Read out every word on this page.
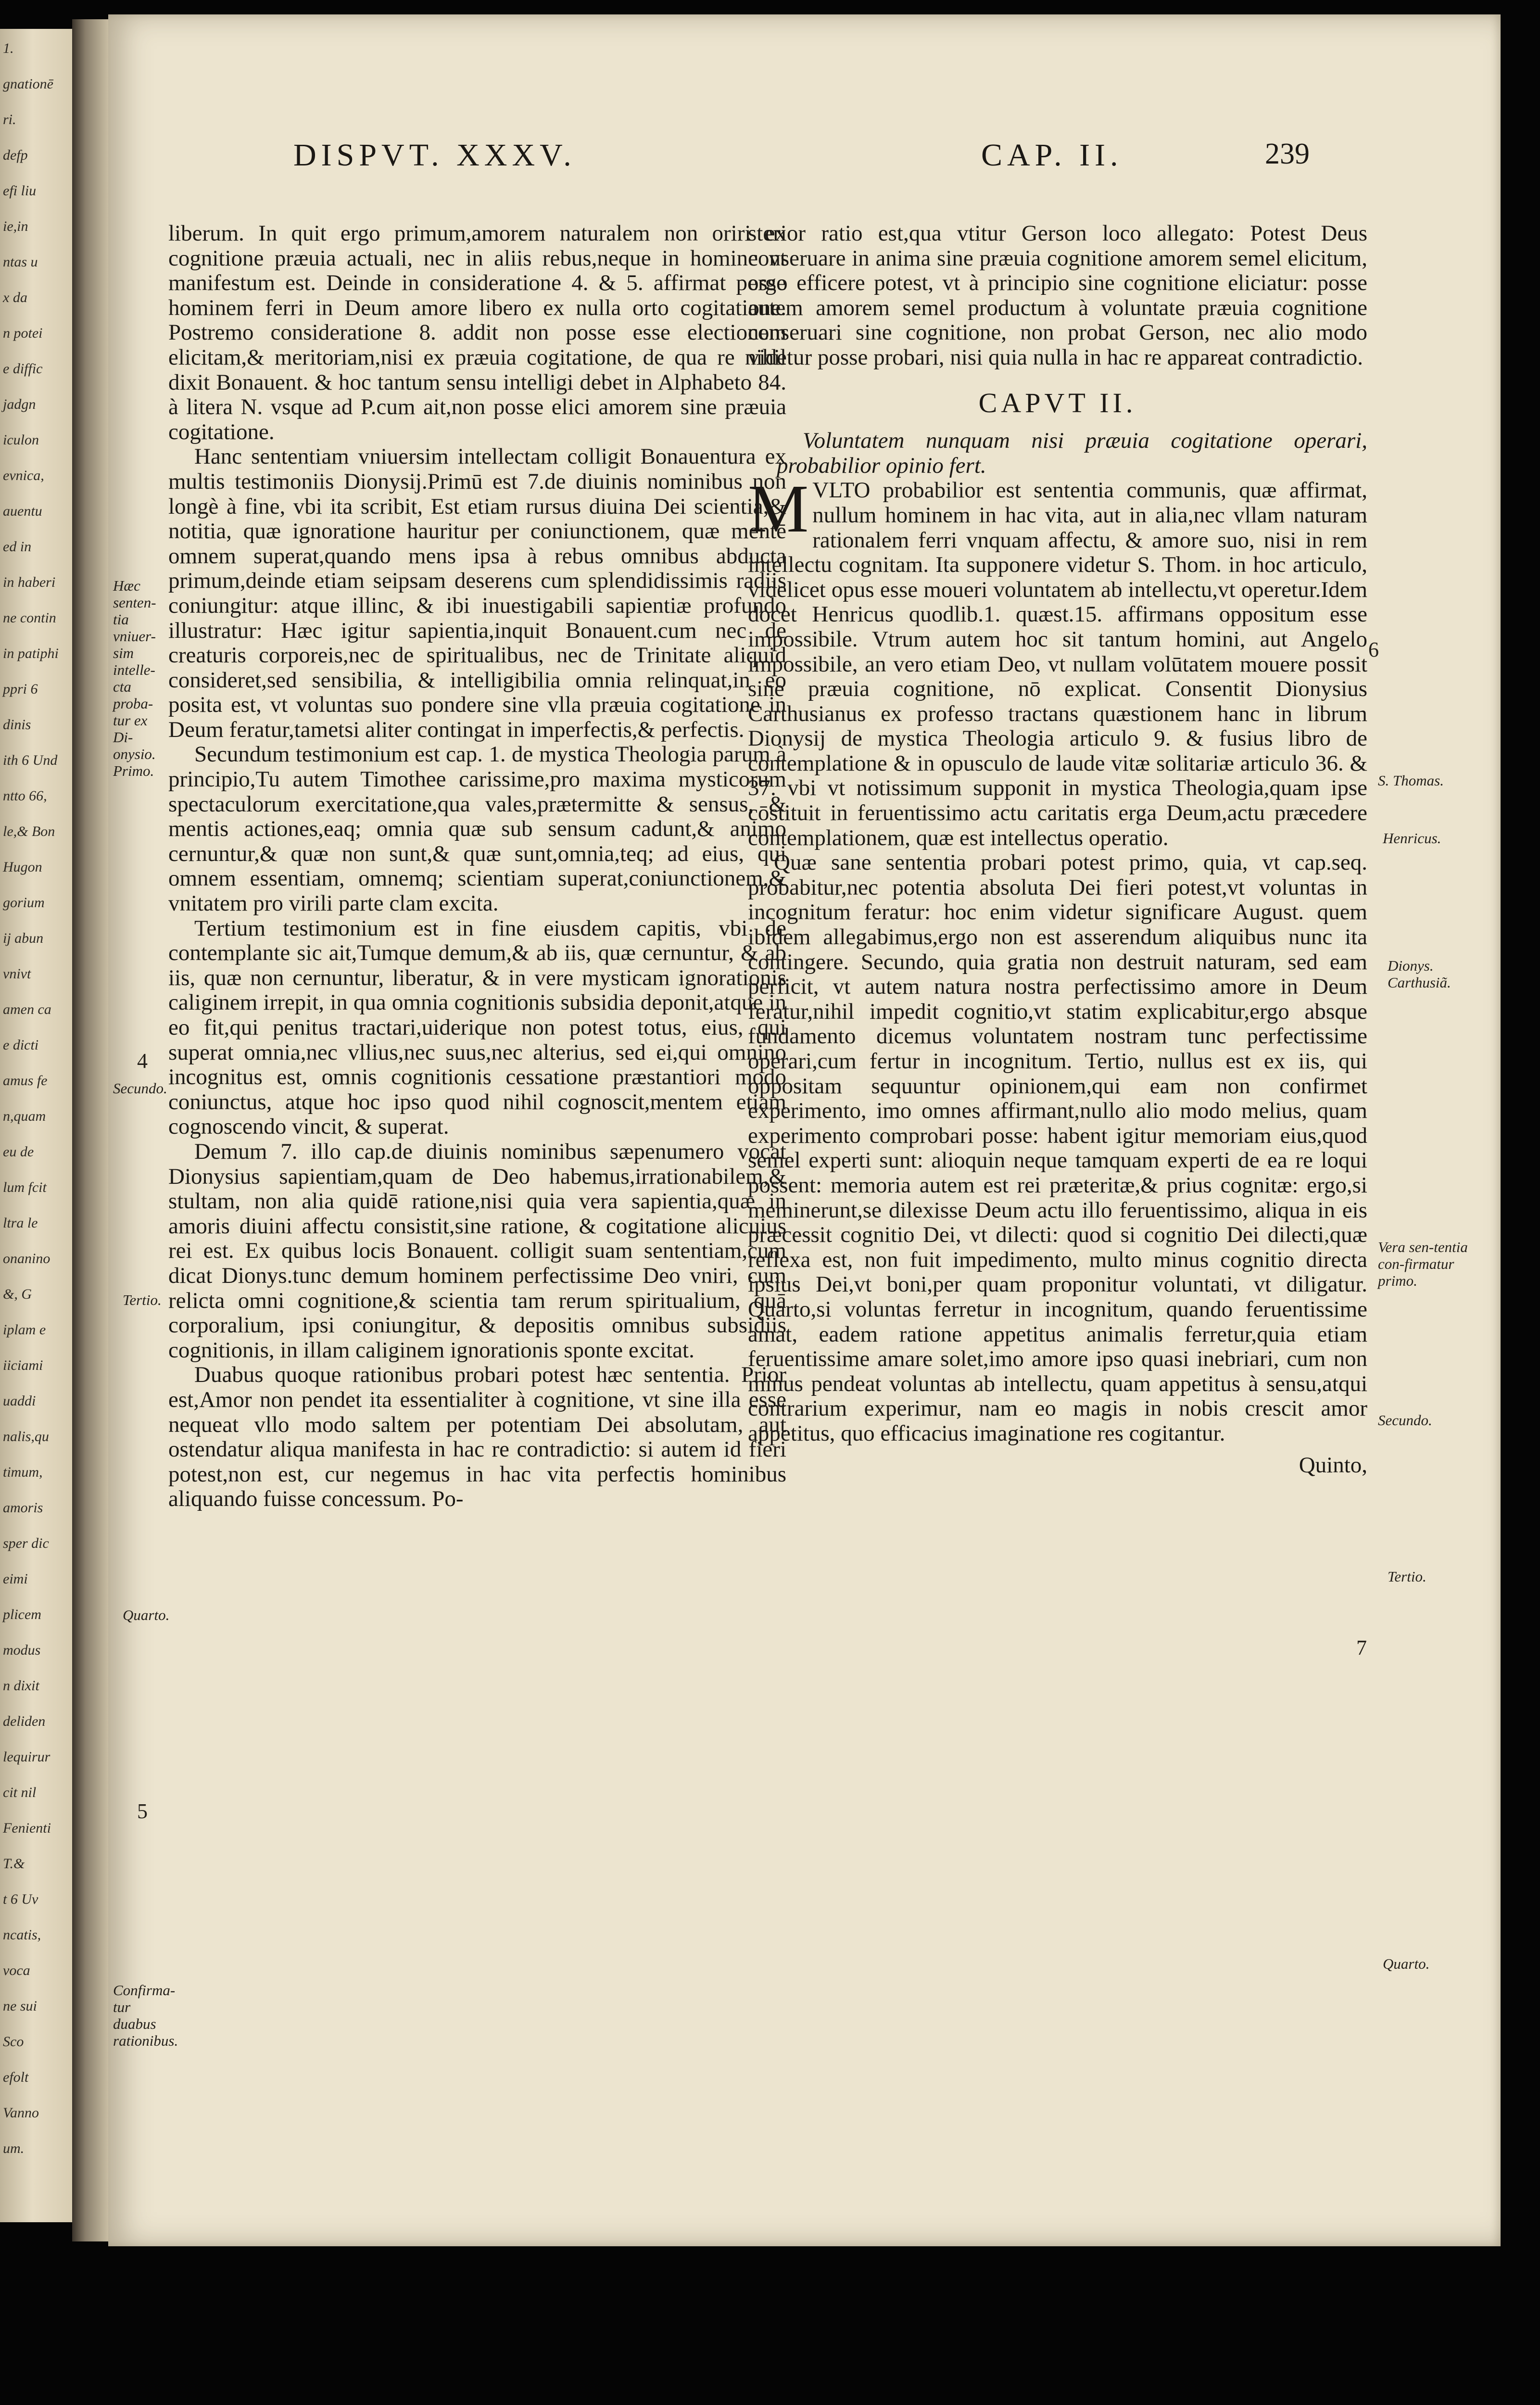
1.
gnationē
ri.
defp
efi liu
ie,in
ntas u
x da
n potei
e diffic
jadgn
iculon
evnica,
auentu
ed in
in haberi
ne contin
in patiphi
ppri 6
dinis
ith 6 Und
ntto 66,
le,& Bon
Hugon
gorium
ij abun
vnivt
amen ca
e dicti
amus fe
n,quam
eu de
lum fcit
ltra le
onanino
&, G
iplam e
iiciami
uaddi
nalis,qu
timum,
amoris
sper dic
eimi
plicem
modus
n dixit
deliden
lequirur
cit nil
Fenienti
T.&
t 6 Uv
ncatis,
voca
ne sui
Sco
efolt
Vanno
um.
DISPVT. XXXV.	CAP. II.	239

liberum. In quit ergo primum,amorem naturalem non oriri ex cognitione præuia actuali, nec in aliis rebus,neque in homine vt manifestum est. Deinde in consideratione 4. & 5. affirmat posse hominem ferri in Deum amore libero ex nulla orto cogitatione. Postremo consideratione 8. addit non posse esse electionem elicitam,& meritoriam,nisi ex præuia cogitatione, de qua re nihil dixit Bonauent. & hoc tantum sensu intelligi debet in Alphabeto 84. à litera N. vsque ad P.cum ait,non posse elici amorem sine præuia cogitatione.

Hanc sententiam vniuersim intellectam colligit Bonauentura ex multis testimoniis Dionysij.Primū est 7.de diuinis nominibus non longè à fine, vbi ita scribit, Est etiam rursus diuina Dei scientia,& notitia, quæ ignoratione hauritur per coniunctionem, quæ mentē omnem superat,quando mens ipsa à rebus omnibus abducta primum,deinde etiam seipsam deserens cum splendidissimis radiis coniungitur: atque illinc, & ibi inuestigabili sapientiæ profundo illustratur: Hæc igitur sapientia,inquit Bonauent.cum nec de creaturis corporeis,nec de spiritualibus, nec de Trinitate aliquid consideret,sed sensibilia, & intelligibilia omnia relinquat,in eo posita est, vt voluntas suo pondere sine vlla præuia cogitatione in Deum feratur,tametsi aliter contingat in imperfectis,& perfectis.

Secundum testimonium est cap. 1. de mystica Theologia parum à principio,Tu autem Timothee carissime,pro maxima mysticorum spectaculorum exercitatione,qua vales,prætermitte & sensus, & mentis actiones,eaq; omnia quæ sub sensum cadunt,& animo cernuntur,& quæ non sunt,& quæ sunt,omnia,teq; ad eius, qui omnem essentiam, omnemq; scientiam superat,coniunctionem,& vnitatem pro virili parte clam excita.

Tertium testimonium est in fine eiusdem capitis, vbi de contemplante sic ait,Tumque demum,& ab iis, quæ cernuntur, & ab iis, quæ non cernuntur, liberatur, & in vere mysticam ignorationis caliginem irrepit, in qua omnia cognitionis subsidia deponit,atque in eo fit,qui penitus tractari,uiderique non potest totus, eius, qui superat omnia,nec vllius,nec suus,nec alterius, sed ei,qui omnino incognitus est, omnis cognitionis cessatione præstantiori modo coniunctus, atque hoc ipso quod nihil cognoscit,mentem etiam cognoscendo vincit, & superat.

Demum 7. illo cap.de diuinis nominibus sæpenumero vocat Dionysius sapientiam,quam de Deo habemus,irrationabilem,& stultam, non alia quidē ratione,nisi quia vera sapientia,quæ in amoris diuini affectu consistit,sine ratione, & cogitatione alicuius rei est. Ex quibus locis Bonauent. colligit suam sententiam,cum dicat Dionys.tunc demum hominem perfectissime Deo vniri, cum relicta omni cognitione,& scientia tam rerum spiritualium, quā corporalium, ipsi coniungitur, & depositis omnibus subsidiis cognitionis, in illam caliginem ignorationis sponte excitat.

Duabus quoque rationibus probari potest hæc sententia. Prior est,Amor non pendet ita essentialiter à cognitione, vt sine illa esse nequeat vllo modo saltem per potentiam Dei absolutam, aut ostendatur aliqua manifesta in hac re contradictio: si autem id fieri potest,non est, cur negemus in hac vita perfectis hominibus aliquando fuisse concessum. Po-

sterior ratio est,qua vtitur Gerson loco allegato: Potest Deus conseruare in anima sine præuia cognitione amorem semel elicitum, ergo efficere potest, vt à principio sine cognitione eliciatur: posse autem amorem semel productum à voluntate præuia cognitione conseruari sine cognitione, non probat Gerson, nec alio modo videtur posse probari, nisi quia nulla in hac re appareat contradictio.

CAPVT II.

Voluntatem nunquam nisi præuia cogitatione operari, probabilior opinio fert.

MVLTO probabilior est sententia communis, quæ affirmat, nullum hominem in hac vita, aut in alia,nec vllam naturam rationalem ferri vnquam affectu, & amore suo, nisi in rem intellectu cognitam. Ita supponere videtur S. Thom. in hoc articulo, videlicet opus esse moueri voluntatem ab intellectu,vt operetur.Idem docet Henricus quodlib.1. quæst.15. affirmans oppositum esse impossibile. Vtrum autem hoc sit tantum homini, aut Angelo impossibile, an vero etiam Deo, vt nullam volūtatem mouere possit sine præuia cognitione, nō explicat. Consentit Dionysius Carthusianus ex professo tractans quæstionem hanc in librum Dionysij de mystica Theologia articulo 9. & fusius libro de contemplatione & in opusculo de laude vitæ solitariæ articulo 36. & 37. vbi vt notissimum supponit in mystica Theologia,quam ipse cōstituit in feruentissimo actu caritatis erga Deum,actu præcedere contemplationem, quæ est intellectus operatio.

Quæ sane sententia probari potest primo, quia, vt cap.seq. probabitur,nec potentia absoluta Dei fieri potest,vt voluntas in incognitum feratur: hoc enim videtur significare August. quem ibidem allegabimus,ergo non est asserendum aliquibus nunc ita contingere. Secundo, quia gratia non destruit naturam, sed eam perficit, vt autem natura nostra perfectissimo amore in Deum feratur,nihil impedit cognitio,vt statim explicabitur,ergo absque fundamento dicemus voluntatem nostram tunc perfectissime operari,cum fertur in incognitum. Tertio, nullus est ex iis, qui oppositam sequuntur opinionem,qui eam non confirmet experimento, imo omnes affirmant,nullo alio modo melius, quam experimento comprobari posse: habent igitur memoriam eius,quod semel experti sunt: alioquin neque tamquam experti de ea re loqui possent: memoria autem est rei præteritæ,& prius cognitæ: ergo,si meminerunt,se dilexisse Deum actu illo feruentissimo, aliqua in eis præcessit cognitio Dei, vt dilecti: quod si cognitio Dei dilecti,quæ reflexa est, non fuit impedimento, multo minus cognitio directa ipsius Dei,vt boni,per quam proponitur voluntati, vt diligatur. Quarto,si voluntas ferretur in incognitum, quando feruentissime amat, eadem ratione appetitus animalis ferretur,quia etiam feruentissime amare solet,imo amore ipso quasi inebriari, cum non minus pendeat voluntas ab intellectu, quam appetitus à sensu,atqui contrarium experimur, nam eo magis in nobis crescit amor appetitus, quo efficacius imaginatione res cogitantur.

Quinto,
Hæc senten-tia vniuer-sim intelle-cta proba-tur ex Di-onysio. Primo.
4
Secundo.
Tertio.
Quarto.
5
Confirma-tur duabus rationibus.
6
S. Thomas.
Henricus.
Dionys. Carthusiã.
Vera sen-tentia con-firmatur primo.
Secundo.
Tertio.
7
Quarto.
